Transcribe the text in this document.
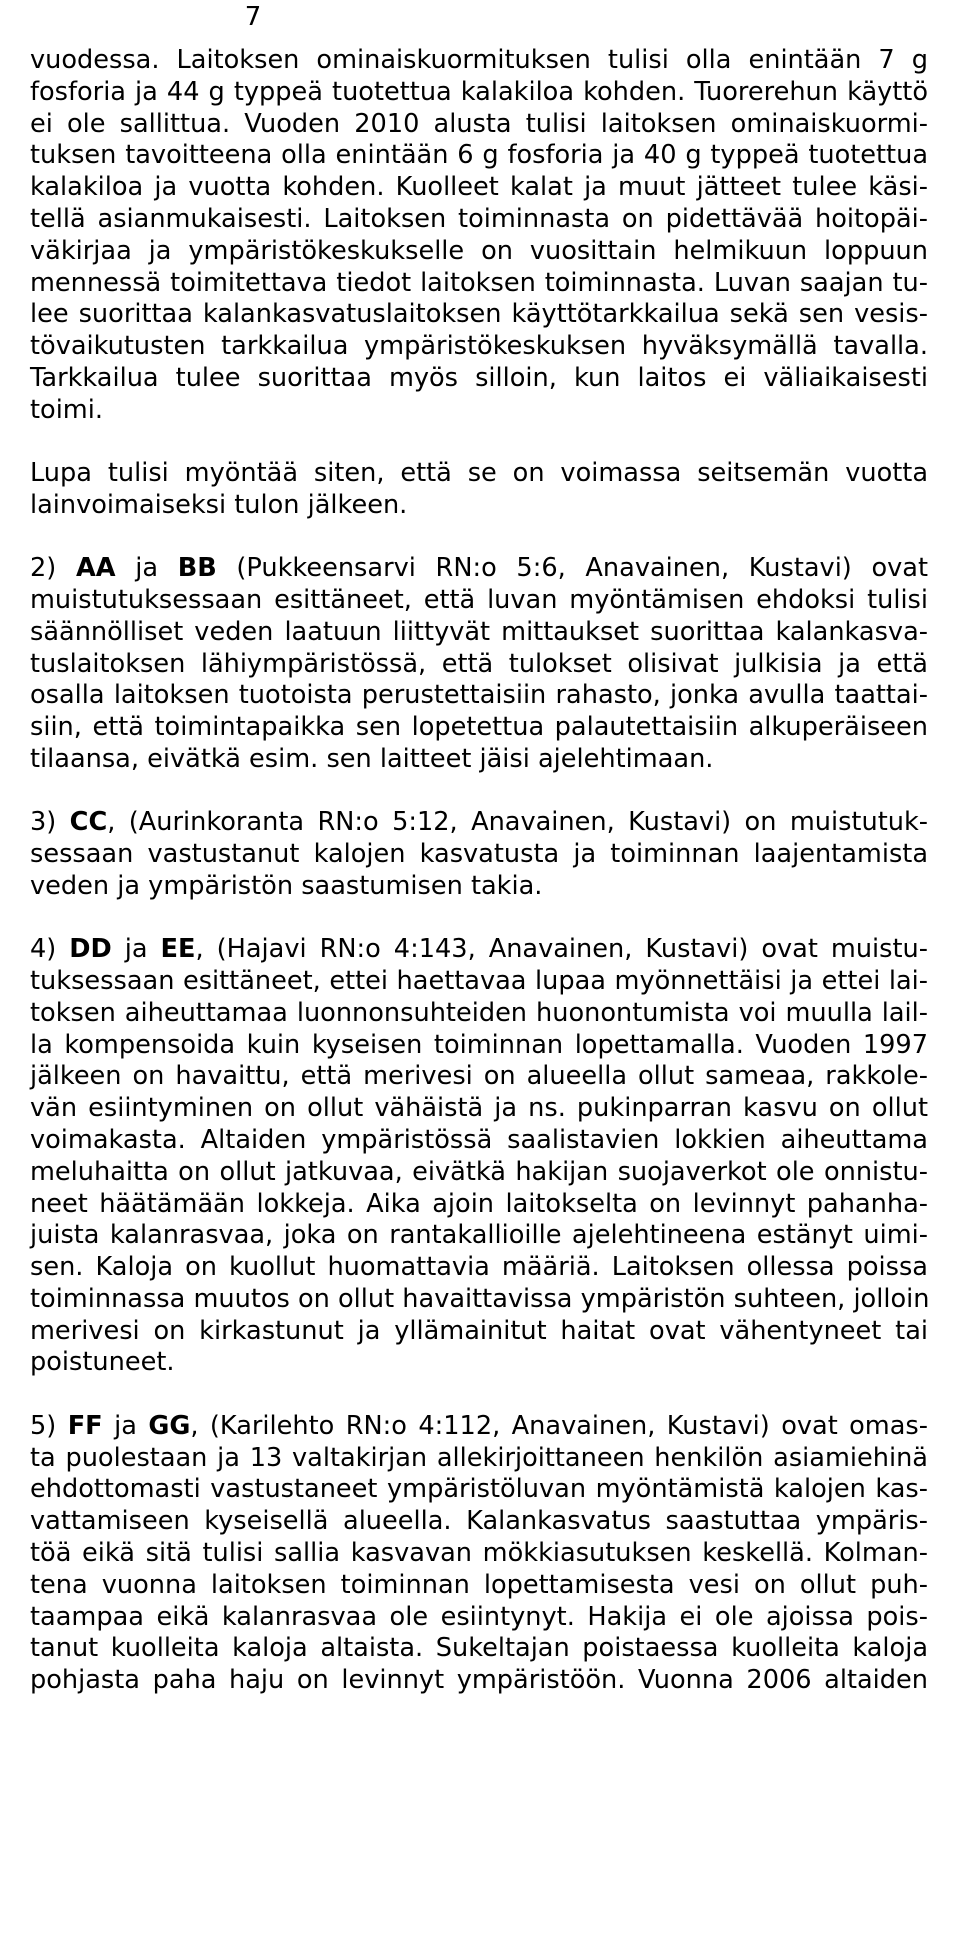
7
vuodessa. Laitoksen ominaiskuormituksen tulisi olla enintään 7 g
fosforia ja 44 g typpeä tuotettua kalakiloa kohden. Tuorerehun käyttö
ei ole sallittua. Vuoden 2010 alusta tulisi laitoksen ominaiskuormi-
tuksen tavoitteena olla enintään 6 g fosforia ja 40 g typpeä tuotettua
kalakiloa ja vuotta kohden. Kuolleet kalat ja muut jätteet tulee käsi-
tellä asianmukaisesti. Laitoksen toiminnasta on pidettävää hoitopäi-
väkirjaa ja ympäristökeskukselle on vuosittain helmikuun loppuun
mennessä toimitettava tiedot laitoksen toiminnasta. Luvan saajan tu-
lee suorittaa kalankasvatuslaitoksen käyttötarkkailua sekä sen vesis-
tövaikutusten tarkkailua ympäristökeskuksen hyväksymällä tavalla.
Tarkkailua tulee suorittaa myös silloin, kun laitos ei väliaikaisesti
toimi.
Lupa tulisi myöntää siten, että se on voimassa seitsemän vuotta
lainvoimaiseksi tulon jälkeen.
2) AA ja BB (Pukkeensarvi RN:o 5:6, Anavainen, Kustavi) ovat
muistutuksessaan esittäneet, että luvan myöntämisen ehdoksi tulisi
säännölliset veden laatuun liittyvät mittaukset suorittaa kalankasva-
tuslaitoksen lähiympäristössä, että tulokset olisivat julkisia ja että
osalla laitoksen tuotoista perustettaisiin rahasto, jonka avulla taattai-
siin, että toimintapaikka sen lopetettua palautettaisiin alkuperäiseen
tilaansa, eivätkä esim. sen laitteet jäisi ajelehtimaan.
3) CC, (Aurinkoranta RN:o 5:12, Anavainen, Kustavi) on muistutuk-
sessaan vastustanut kalojen kasvatusta ja toiminnan laajentamista
veden ja ympäristön saastumisen takia.
4) DD ja EE, (Hajavi RN:o 4:143, Anavainen, Kustavi) ovat muistu-
tuksessaan esittäneet, ettei haettavaa lupaa myönnettäisi ja ettei lai-
toksen aiheuttamaa luonnonsuhteiden huonontumista voi muulla lail-
la kompensoida kuin kyseisen toiminnan lopettamalla. Vuoden 1997
jälkeen on havaittu, että merivesi on alueella ollut sameaa, rakkole-
vän esiintyminen on ollut vähäistä ja ns. pukinparran kasvu on ollut
voimakasta. Altaiden ympäristössä saalistavien lokkien aiheuttama
meluhaitta on ollut jatkuvaa, eivätkä hakijan suojaverkot ole onnistu-
neet häätämään lokkeja. Aika ajoin laitokselta on levinnyt pahanha-
juista kalanrasvaa, joka on rantakallioille ajelehtineena estänyt uimi-
sen. Kaloja on kuollut huomattavia määriä. Laitoksen ollessa poissa
toiminnassa muutos on ollut havaittavissa ympäristön suhteen, jolloin
merivesi on kirkastunut ja yllämainitut haitat ovat vähentyneet tai
poistuneet.
5) FF ja GG, (Karilehto RN:o 4:112, Anavainen, Kustavi) ovat omas-
ta puolestaan ja 13 valtakirjan allekirjoittaneen henkilön asiamiehinä
ehdottomasti vastustaneet ympäristöluvan myöntämistä kalojen kas-
vattamiseen kyseisellä alueella. Kalankasvatus saastuttaa ympäris-
töä eikä sitä tulisi sallia kasvavan mökkiasutuksen keskellä. Kolman-
tena vuonna laitoksen toiminnan lopettamisesta vesi on ollut puh-
taampaa eikä kalanrasvaa ole esiintynyt. Hakija ei ole ajoissa pois-
tanut kuolleita kaloja altaista. Sukeltajan poistaessa kuolleita kaloja
pohjasta paha haju on levinnyt ympäristöön. Vuonna 2006 altaiden
